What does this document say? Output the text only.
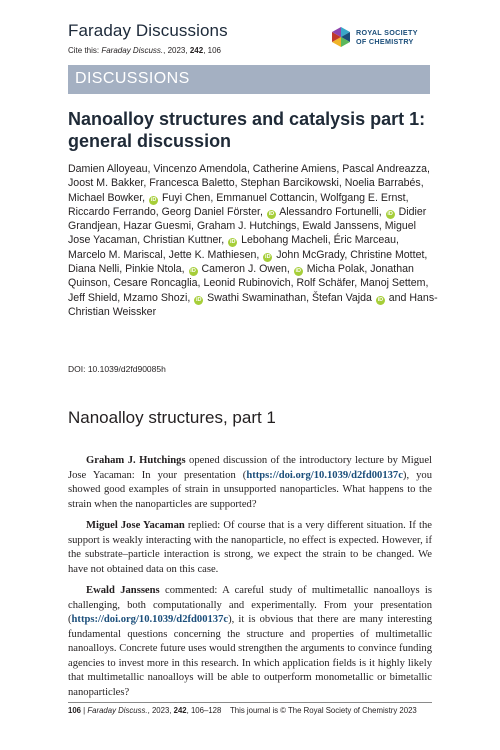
Faraday Discussions
Cite this: Faraday Discuss., 2023, 242, 106
ROYAL SOCIETY
OF CHEMISTRY
DISCUSSIONS
Nanoalloy structures and catalysis part 1: general discussion
Damien Alloyeau, Vincenzo Amendola, Catherine Amiens, Pascal Andreazza, Joost M. Bakker, Francesca Baletto, Stephan Barcikowski, Noelia Barrabés, Michael Bowker, iD Fuyi Chen, Emmanuel Cottancin, Wolfgang E. Ernst, Riccardo Ferrando, Georg Daniel Förster, iD Alessandro Fortunelli, iD Didier Grandjean, Hazar Guesmi, Graham J. Hutchings, Ewald Janssens, Miguel Jose Yacaman, Christian Kuttner, iD Lebohang Macheli, Éric Marceau, Marcelo M. Mariscal, Jette K. Mathiesen, iD John McGrady, Christine Mottet, Diana Nelli, Pinkie Ntola, iD Cameron J. Owen, iD Micha Polak, Jonathan Quinson, Cesare Roncaglia, Leonid Rubinovich, Rolf Schäfer, Manoj Settem, Jeff Shield, Mzamo Shozi, iD Swathi Swaminathan, Štefan Vajda iD and Hans-Christian Weissker
DOI: 10.1039/d2fd90085h
Nanoalloy structures, part 1
Graham J. Hutchings opened discussion of the introductory lecture by Miguel Jose Yacaman: In your presentation (https://doi.org/10.1039/d2fd00137c), you showed good examples of strain in unsupported nanoparticles. What happens to the strain when the nanoparticles are supported?
Miguel Jose Yacaman replied: Of course that is a very different situation. If the support is weakly interacting with the nanoparticle, no effect is expected. However, if the substrate–particle interaction is strong, we expect the strain to be changed. We have not obtained data on this case.
Ewald Janssens commented: A careful study of multimetallic nanoalloys is challenging, both computationally and experimentally. From your presentation (https://doi.org/10.1039/d2fd00137c), it is obvious that there are many interesting fundamental questions concerning the structure and properties of multimetallic nanoalloys. Concrete future uses would strengthen the arguments to convince funding agencies to invest more in this research. In which application fields is it highly likely that multimetallic nanoalloys will be able to outperform monometallic or bimetallic nanoparticles?
106 | Faraday Discuss., 2023, 242, 106–128 This journal is © The Royal Society of Chemistry 2023
